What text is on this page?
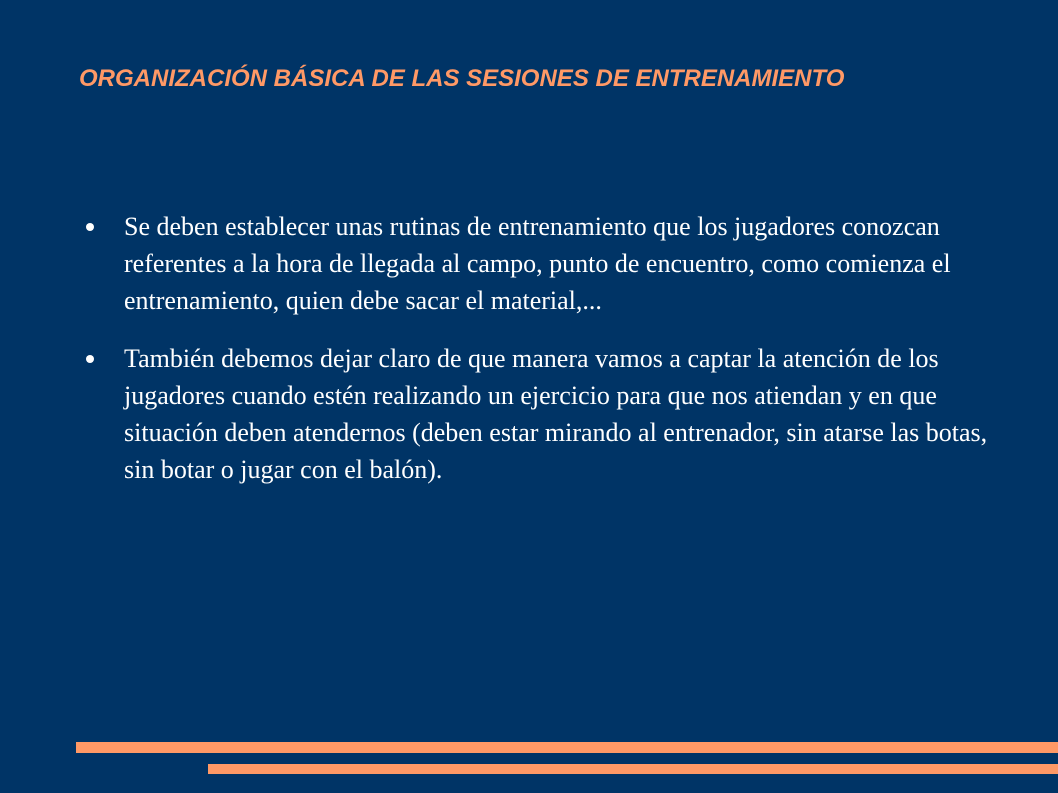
ORGANIZACIÓN BÁSICA DE LAS SESIONES DE ENTRENAMIENTO
Se deben establecer unas rutinas de entrenamiento que los jugadores conozcan referentes a la hora de llegada al campo, punto de encuentro, como comienza el entrenamiento, quien debe sacar el material,...
También debemos dejar claro de que manera vamos a captar la atención de los jugadores cuando estén realizando un ejercicio para que nos atiendan y en que situación deben atendernos (deben estar mirando al entrenador, sin atarse las botas, sin botar o jugar con el balón).
